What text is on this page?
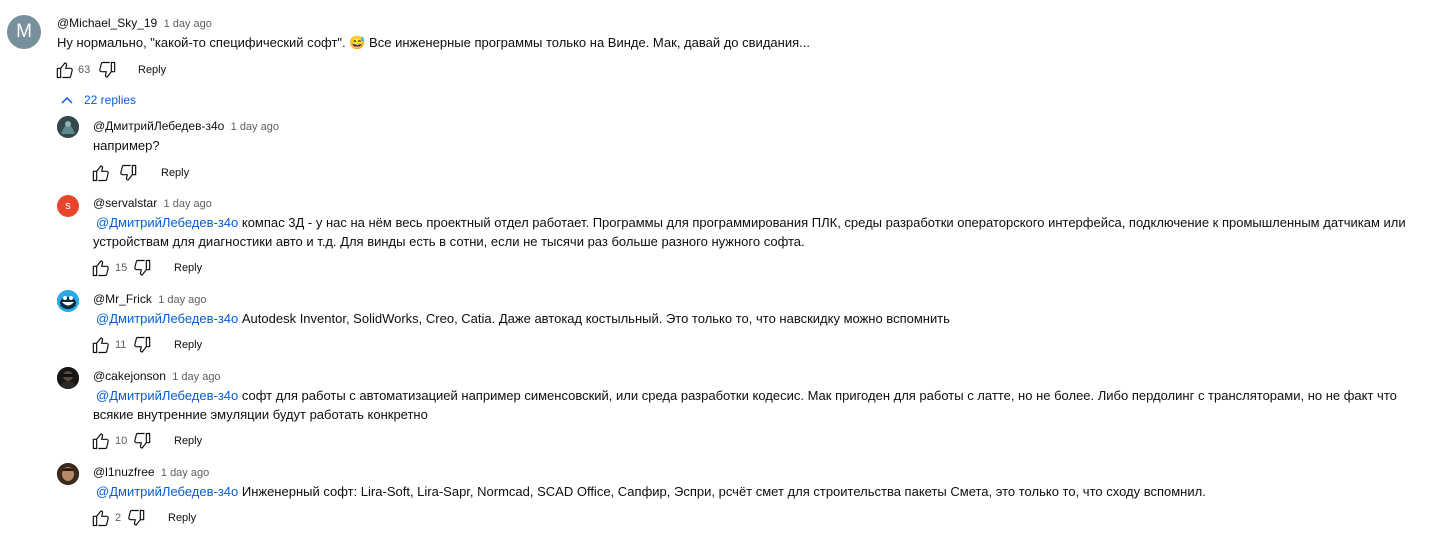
M @Michael_Sky_19 1 day ago
Ну нормально, "какой-то специфический софт". 😅 Все инженерные программы только на Винде. Мак, давай до свидания...
63	Reply
22 replies
@ДмитрийЛебедев-з4о 1 day ago
например?
Reply
s @servalstar 1 day ago
@ДмитрийЛебедев-з4о компас 3Д - у нас на нём весь проектный отдел работает. Программы для программирования ПЛК, среды разработки операторского интерфейса, подключение к промышленным датчикам или устройствам для диагностики авто и т.д. Для винды есть в сотни, если не тысячи раз больше разного нужного софта.
15	Reply
@Mr_Frick 1 day ago
@ДмитрийЛебедев-з4о Autodesk Inventor, SolidWorks, Creo, Catia. Даже автокад костыльный. Это только то, что навскидку можно вспомнить
11	Reply
@cakejonson 1 day ago
@ДмитрийЛебедев-з4о софт для работы с автоматизацией например сименсовский, или среда разработки кодесис. Мак пригоден для работы с латте, но не более. Либо пердолинг с трансляторами, но не факт что всякие внутренние эмуляции будут работать конкретно
10	Reply
@l1nuzfree 1 day ago
@ДмитрийЛебедев-з4о Инженерный софт: Lira-Soft, Lira-Sapr, Normcad, SCAD Office, Сапфир, Эспри, рсчёт смет для строительства пакеты Смета, это только то, что сходу вспомнил.
2	Reply
